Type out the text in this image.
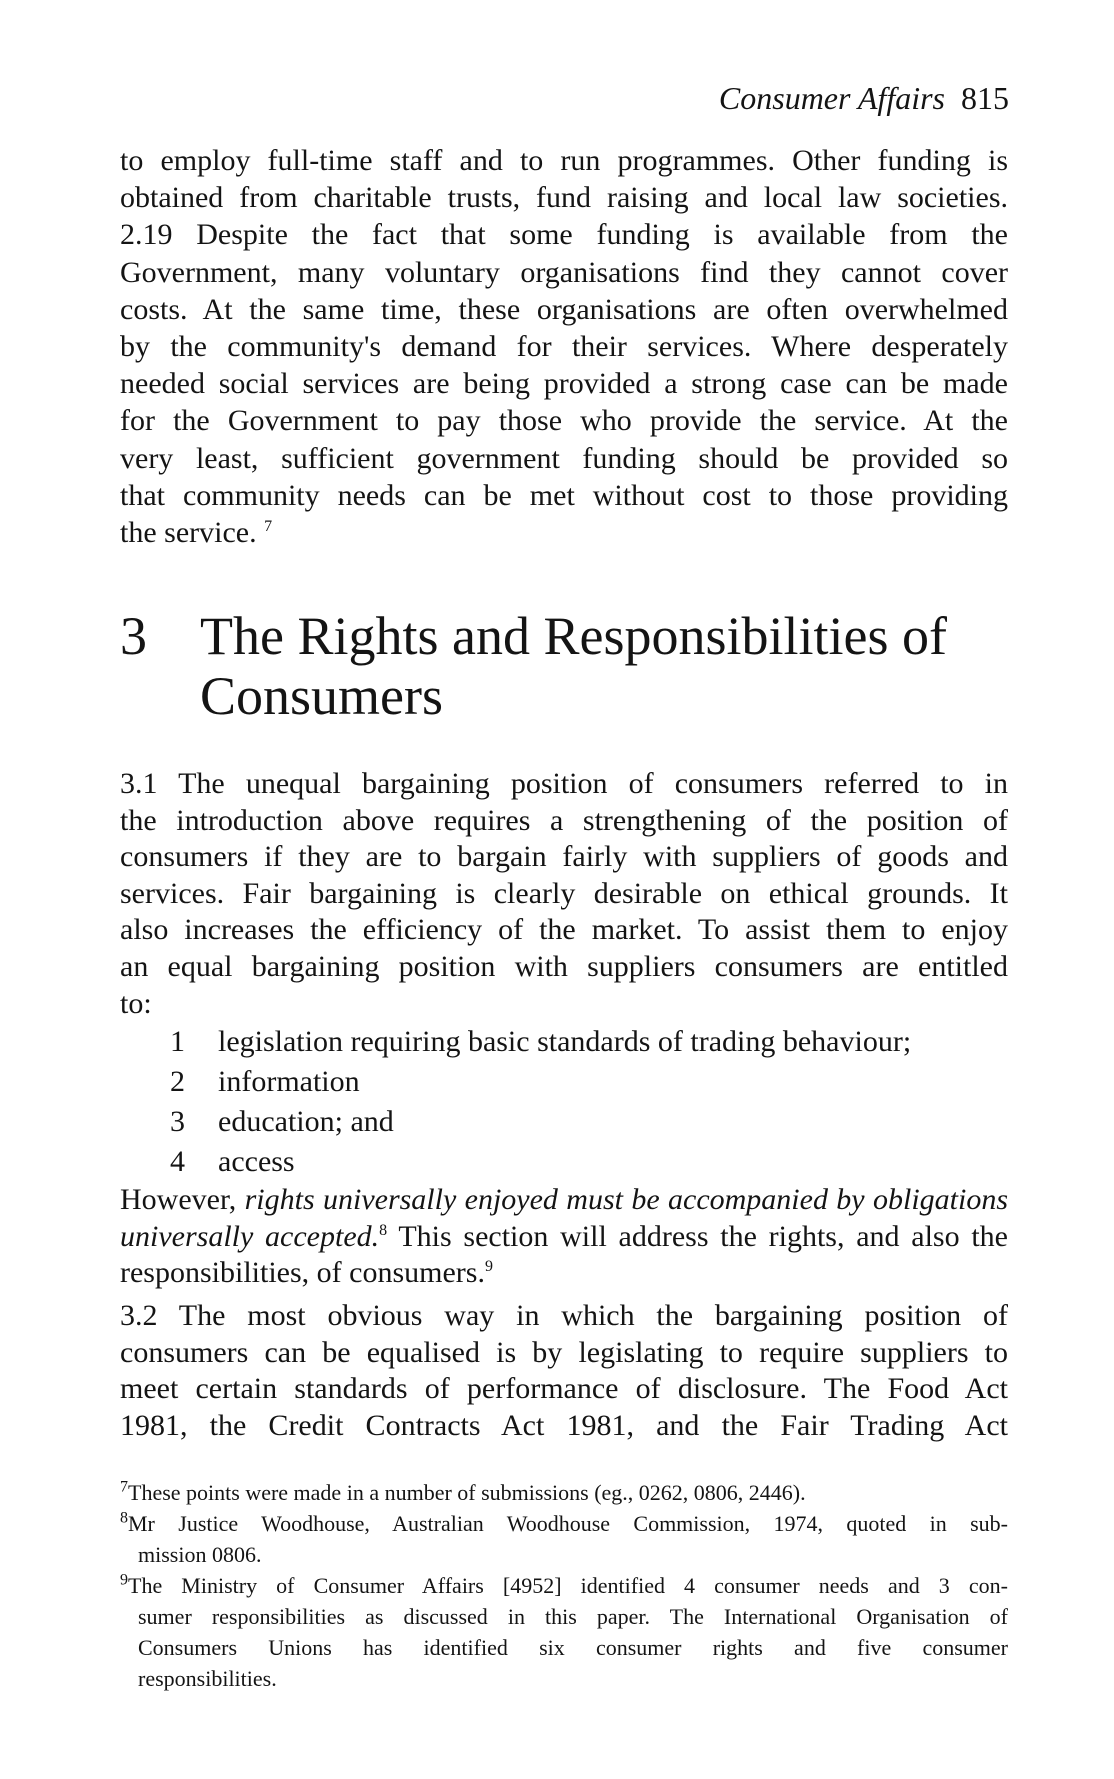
Consumer Affairs 815

to employ full-time staff and to run programmes. Other funding is

obtained from charitable trusts, fund raising and local law societies.

2.19 Despite the fact that some funding is available from the

Government, many voluntary organisations find they cannot cover

costs. At the same time, these organisations are often overwhelmed

by the community's demand for their services. Where desperately

needed social services are being provided a strong case can be made

for the Government to pay those who provide the service. At the

very least, sufficient government funding should be provided so

that community needs can be met without cost to those providing

the service. $^7$

3 The Rights and Responsibilities of Consumers

3.1 The unequal bargaining position of consumers referred to in

the introduction above requires a strengthening of the position of

consumers if they are to bargain fairly with suppliers of goods and

services. Fair bargaining is clearly desirable on ethical grounds. It

also increases the efficiency of the market. To assist them to enjoy

an equal bargaining position with suppliers consumers are entitled

to:

1 legislation requiring basic standards of trading behaviour;
2 information
3 education; and
4 access

However, rights universally enjoyed must be accompanied by obligations universally accepted.$^8$ This section will address the rights, and also the responsibilities, of consumers.$^9$

3.2 The most obvious way in which the bargaining position of

consumers can be equalised is by legislating to require suppliers to

meet certain standards of performance of disclosure. The Food Act

1981, the Credit Contracts Act 1981, and the Fair Trading Act

$^7$These points were made in a number of submissions (eg., 0262, 0806, 2446).

$^8$Mr Justice Woodhouse, Australian Woodhouse Commission, 1974, quoted in sub-

mission 0806.

$^9$The Ministry of Consumer Affairs [4952] identified 4 consumer needs and 3 con-

sumer responsibilities as discussed in this paper. The International Organisation of

Consumers Unions has identified six consumer rights and five consumer

responsibilities.
